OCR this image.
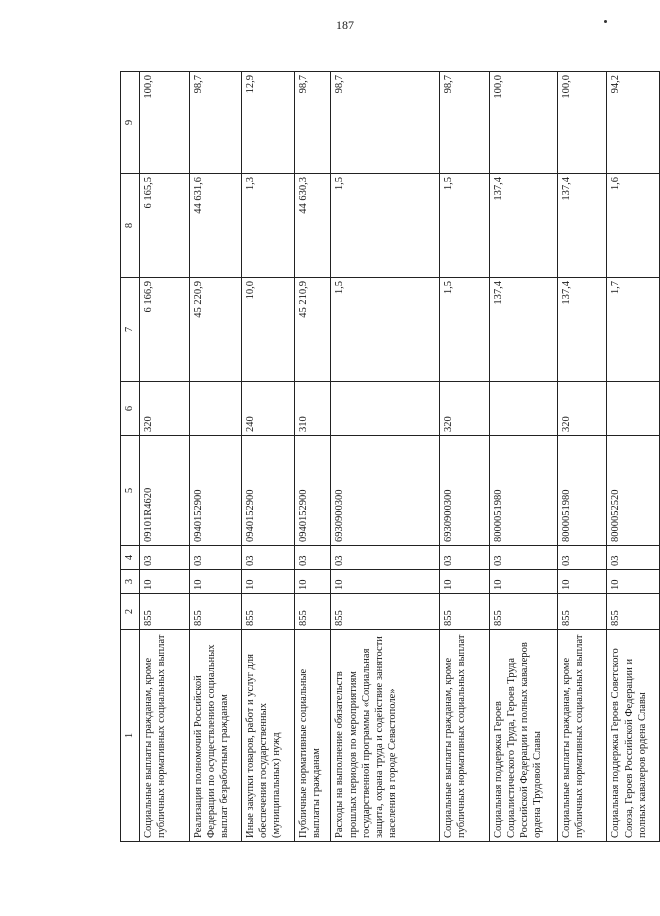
187
1	2	3	4	5	6	7	8	9
Социальные выплаты гражданам, кроме публичных нормативных социальных выплат	855	10	03	09101R4620	320	6 166,9	6 165,5	100,0
Реализация полномочий Российской Федерации по осуществлению социальных выплат безработным гражданам	855	10	03	0940152900		45 220,9	44 631,6	98,7
Иные закупки товаров, работ и услуг для обеспечения государственных (муниципальных) нужд	855	10	03	0940152900	240	10,0	1,3	12,9
Публичные нормативные социальные выплаты гражданам	855	10	03	0940152900	310	45 210,9	44 630,3	98,7
Расходы на выполнение обязательств прошлых периодов по мероприятиям государственной программы «Социальная защита, охрана труда и содействие занятости населения в городе Севастополе»	855	10	03	6930900300		1,5	1,5	98,7
Социальные выплаты гражданам, кроме публичных нормативных социальных выплат	855	10	03	6930900300	320	1,5	1,5	98,7
Социальная поддержка Героев Социалистического Труда, Героев Труда Российской Федерации и полных кавалеров ордена Трудовой Славы	855	10	03	8000051980		137,4	137,4	100,0
Социальные выплаты гражданам, кроме публичных нормативных социальных выплат	855	10	03	8000051980	320	137,4	137,4	100,0
Социальная поддержка Героев Советского Союза, Героев Российской Федерации и полных кавалеров ордена Славы	855	10	03	8000052520		1,7	1,6	94,2
